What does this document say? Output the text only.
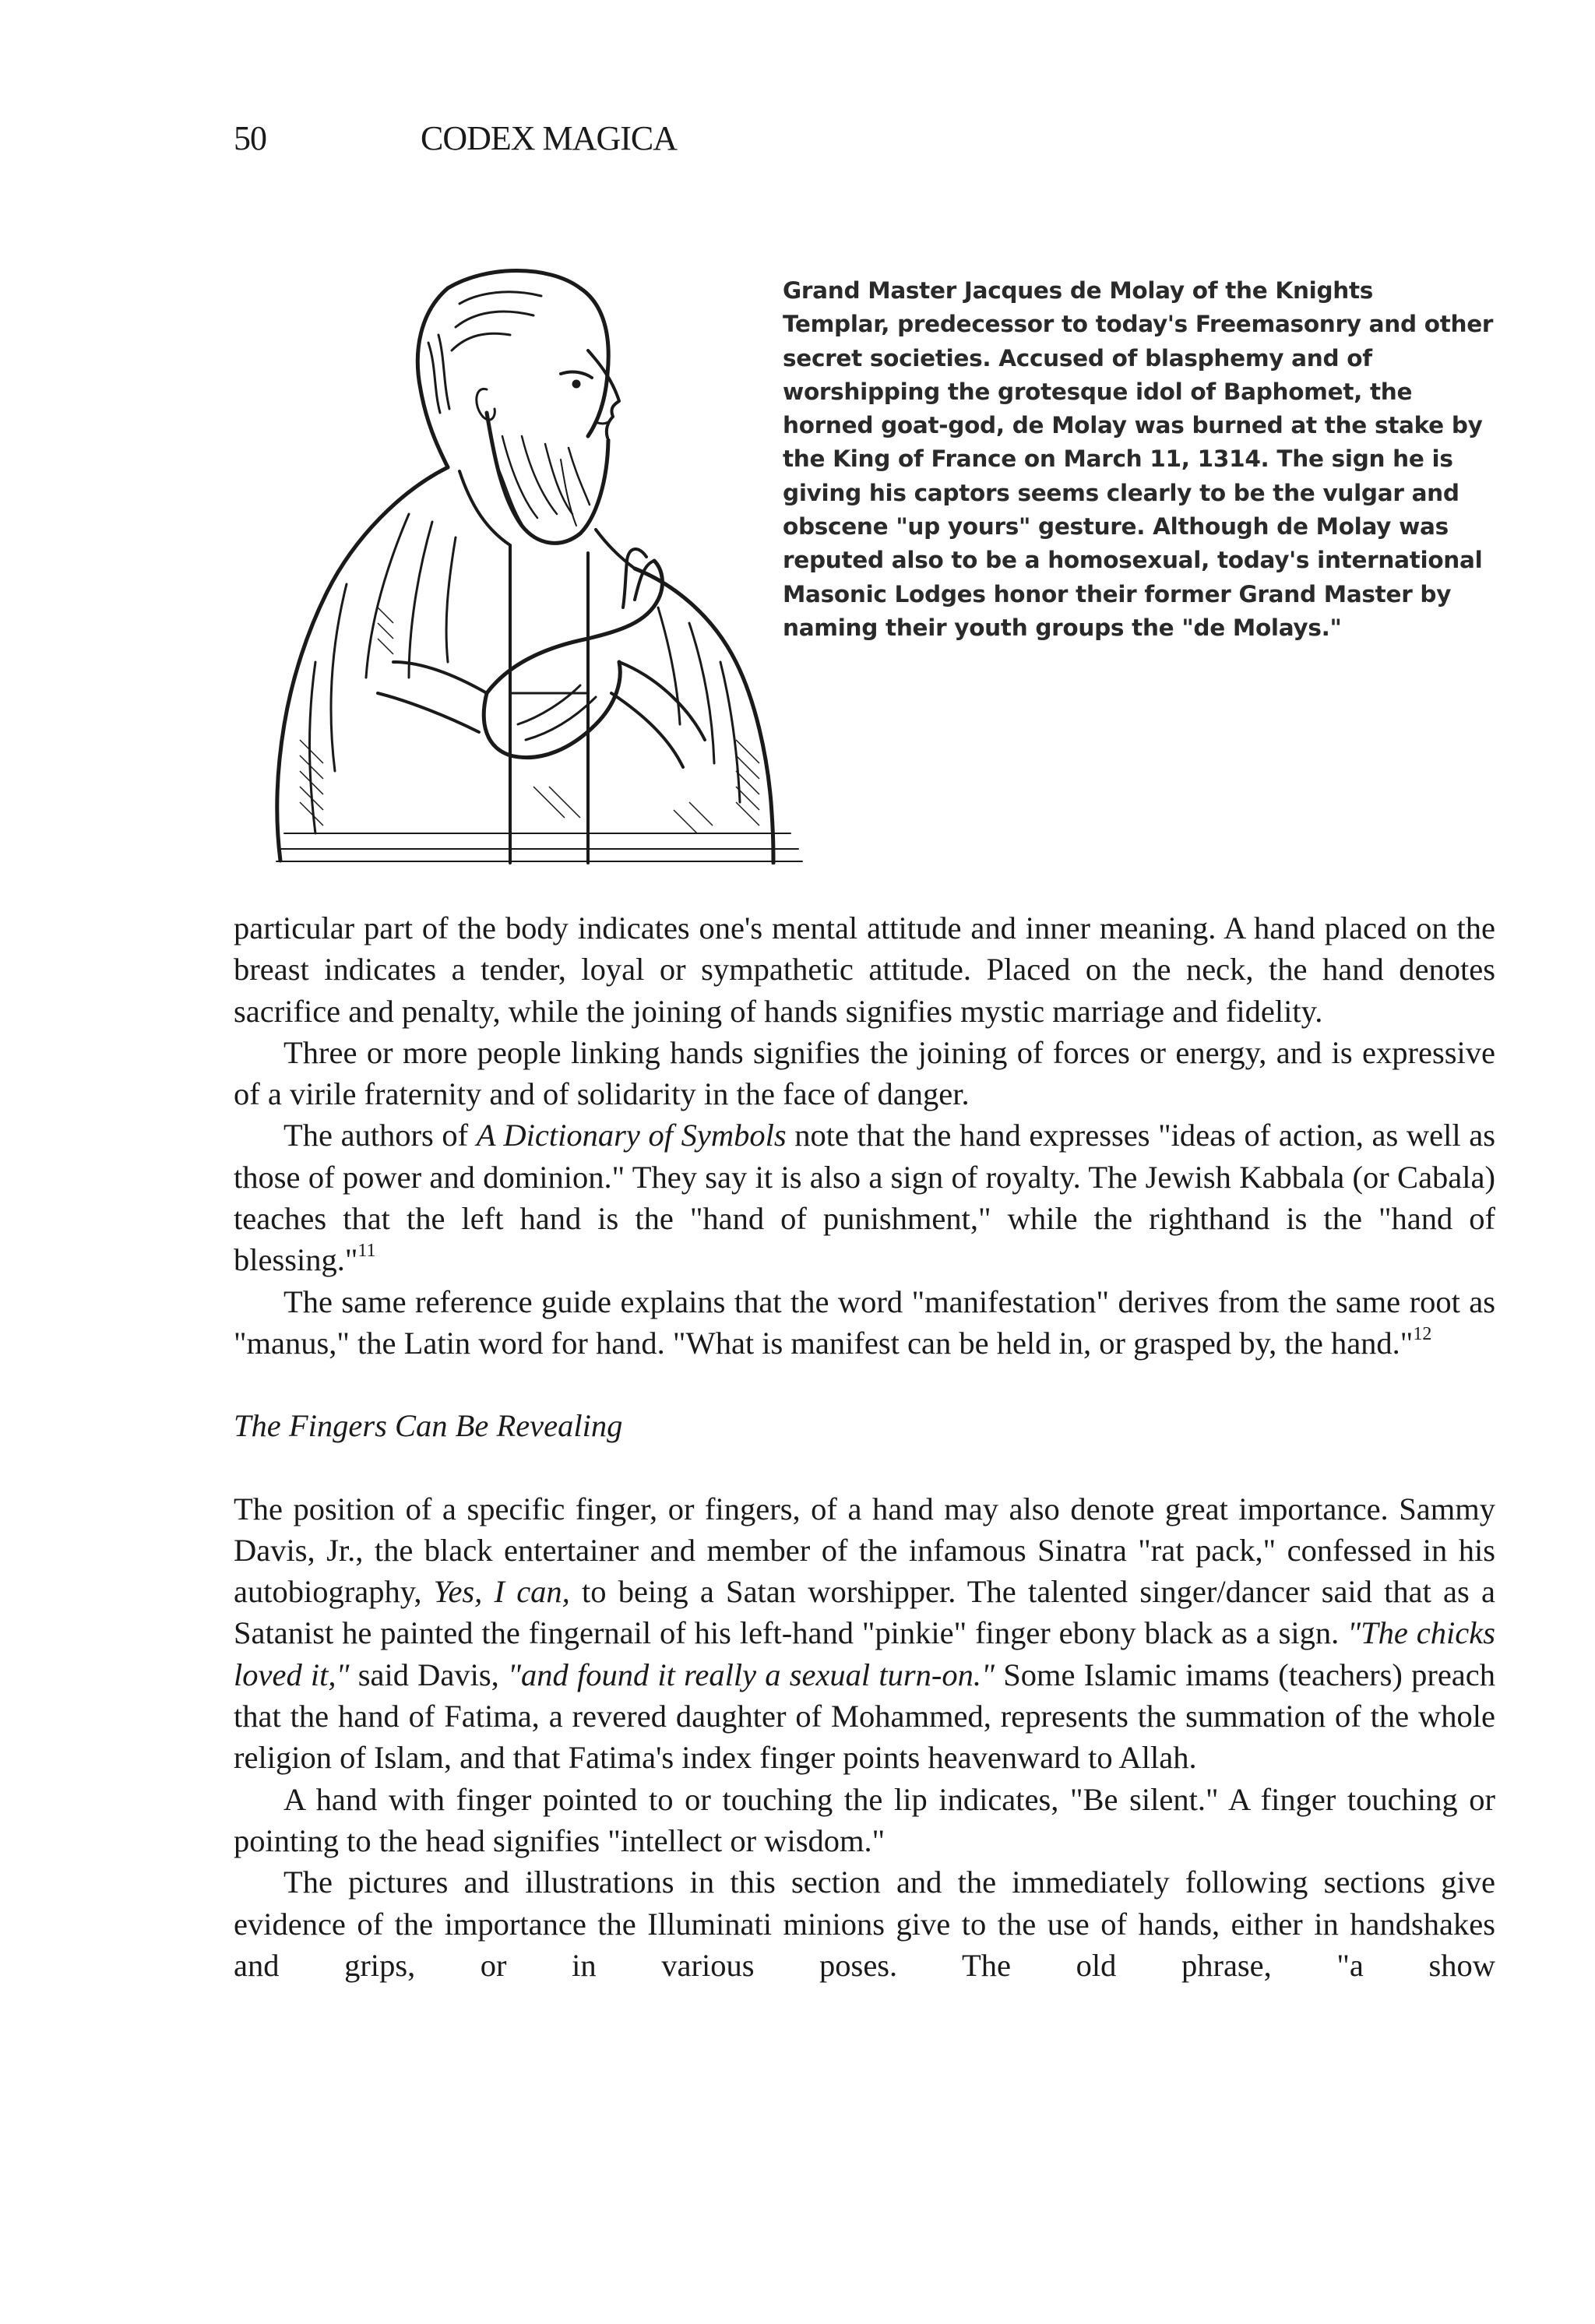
50	CODEX MAGICA
Grand Master Jacques de Molay of the Knights
Templar, predecessor to today's Freemasonry and other
secret societies. Accused of blasphemy and of
worshipping the grotesque idol of Baphomet, the
horned goat-god, de Molay was burned at the stake by
the King of France on March 11, 1314. The sign he is
giving his captors seems clearly to be the vulgar and
obscene "up yours" gesture. Although de Molay was
reputed also to be a homosexual, today's international
Masonic Lodges honor their former Grand Master by
naming their youth groups the "de Molays."

particular part of the body indicates one's mental attitude and inner meaning. A hand placed on the breast indicates a tender, loyal or sympathetic attitude. Placed on the neck, the hand denotes sacrifice and penalty, while the joining of hands signifies mystic marriage and fidelity.

Three or more people linking hands signifies the joining of forces or energy, and is expressive of a virile fraternity and of solidarity in the face of danger.

The authors of A Dictionary of Symbols note that the hand expresses "ideas of action, as well as those of power and dominion." They say it is also a sign of royalty. The Jewish Kabbala (or Cabala) teaches that the left hand is the "hand of punishment," while the righthand is the "hand of blessing."$^{11}$

The same reference guide explains that the word "manifestation" derives from the same root as "manus," the Latin word for hand. "What is manifest can be held in, or grasped by, the hand."$^{12}$

The Fingers Can Be Revealing

The position of a specific finger, or fingers, of a hand may also denote great importance. Sammy Davis, Jr., the black entertainer and member of the infamous Sinatra "rat pack," confessed in his autobiography, Yes, I can, to being a Satan worshipper. The talented singer/dancer said that as a Satanist he painted the fingernail of his left-hand "pinkie" finger ebony black as a sign. "The chicks loved it," said Davis, "and found it really a sexual turn-on." Some Islamic imams (teachers) preach that the hand of Fatima, a revered daughter of Mohammed, represents the summation of the whole religion of Islam, and that Fatima's index finger points heavenward to Allah.

A hand with finger pointed to or touching the lip indicates, "Be silent." A finger touching or pointing to the head signifies "intellect or wisdom."

The pictures and illustrations in this section and the immediately following sections give evidence of the importance the Illuminati minions give to the use of hands, either in handshakes and grips, or in various poses. The old phrase, "a show
